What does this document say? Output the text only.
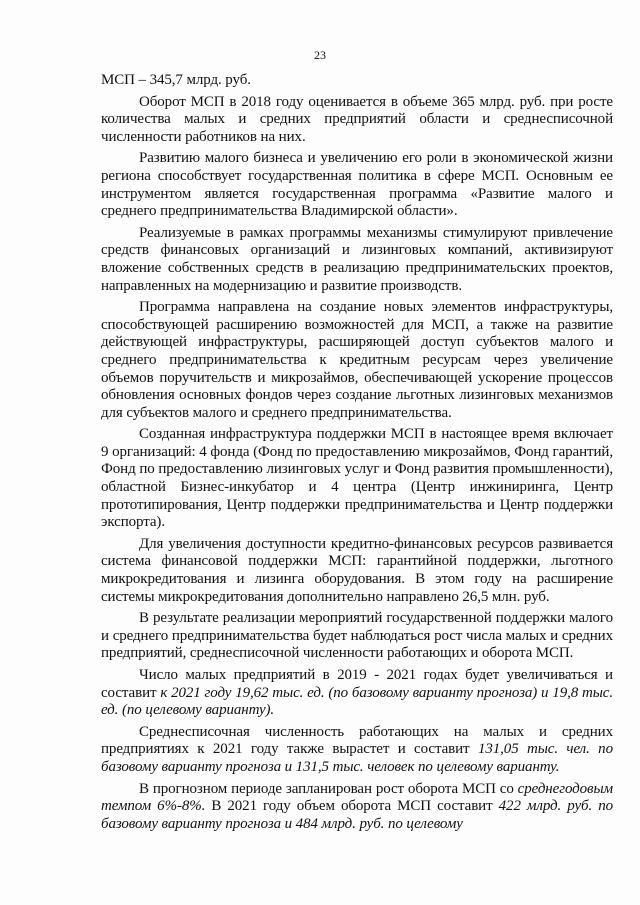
23

МСП – 345,7 млрд. руб.

Оборот МСП в 2018 году оценивается в объеме 365 млрд. руб. при росте количества малых и средних предприятий области и среднесписочной численности работников на них.

Развитию малого бизнеса и увеличению его роли в экономической жизни региона способствует государственная политика в сфере МСП. Основным ее инструментом является государственная программа «Развитие малого и среднего предпринимательства Владимирской области».

Реализуемые в рамках программы механизмы стимулируют привлечение средств финансовых организаций и лизинговых компаний, активизируют вложение собственных средств в реализацию предпринимательских проектов, направленных на модернизацию и развитие производств.

Программа направлена на создание новых элементов инфраструктуры, способствующей расширению возможностей для МСП, а также на развитие действующей инфраструктуры, расширяющей доступ субъектов малого и среднего предпринимательства к кредитным ресурсам через увеличение объемов поручительств и микрозаймов, обеспечивающей ускорение процессов обновления основных фондов через создание льготных лизинговых механизмов для субъектов малого и среднего предпринимательства.

Созданная инфраструктура поддержки МСП в настоящее время включает 9 организаций: 4 фонда (Фонд по предоставлению микрозаймов, Фонд гарантий, Фонд по предоставлению лизинговых услуг и Фонд развития промышленности), областной Бизнес-инкубатор и 4 центра (Центр инжиниринга, Центр прототипирования, Центр поддержки предпринимательства и Центр поддержки экспорта).

Для увеличения доступности кредитно-финансовых ресурсов развивается система финансовой поддержки МСП: гарантийной поддержки, льготного микрокредитования и лизинга оборудования. В этом году на расширение системы микрокредитования дополнительно направлено 26,5 млн. руб.

В результате реализации мероприятий государственной поддержки малого и среднего предпринимательства будет наблюдаться рост числа малых и средних предприятий, среднесписочной численности работающих и оборота МСП.

Число малых предприятий в 2019 - 2021 годах будет увеличиваться и составит к 2021 году 19,62 тыс. ед. (по базовому варианту прогноза) и 19,8 тыс. ед. (по целевому варианту).

Среднесписочная численность работающих на малых и средних предприятиях к 2021 году также вырастет и составит 131,05 тыс. чел. по базовому варианту прогноза и 131,5 тыс. человек по целевому варианту.

В прогнозном периоде запланирован рост оборота МСП со среднегодовым темпом 6%-8%. В 2021 году объем оборота МСП составит 422 млрд. руб. по базовому варианту прогноза и 484 млрд. руб. по целевому
